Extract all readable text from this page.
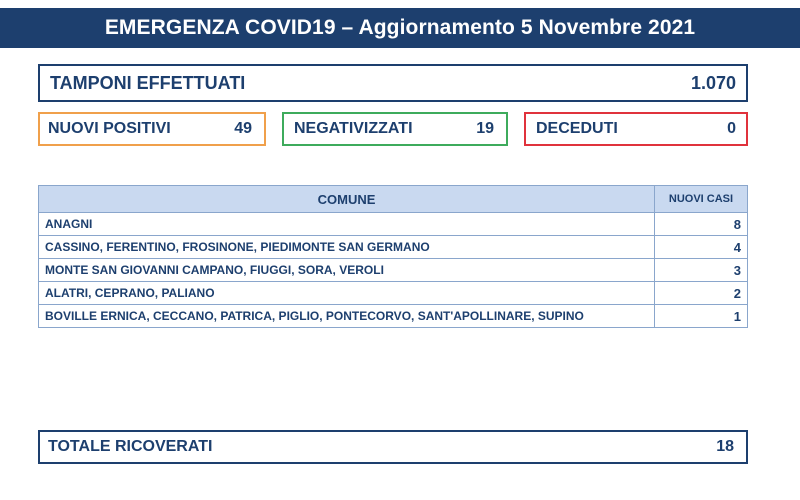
EMERGENZA COVID19 – Aggiornamento 5 Novembre 2021
TAMPONI EFFETTUATI	1.070
NUOVI POSITIVI	49	NEGATIVIZZATI	19	DECEDUTI	0
COMUNE	NUOVI CASI
ANAGNI	8
CASSINO, FERENTINO, FROSINONE, PIEDIMONTE SAN GERMANO	4
MONTE SAN GIOVANNI CAMPANO, FIUGGI, SORA, VEROLI	3
ALATRI, CEPRANO, PALIANO	2
BOVILLE ERNICA, CECCANO, PATRICA, PIGLIO, PONTECORVO, SANT'APOLLINARE, SUPINO	1
TOTALE RICOVERATI	18
